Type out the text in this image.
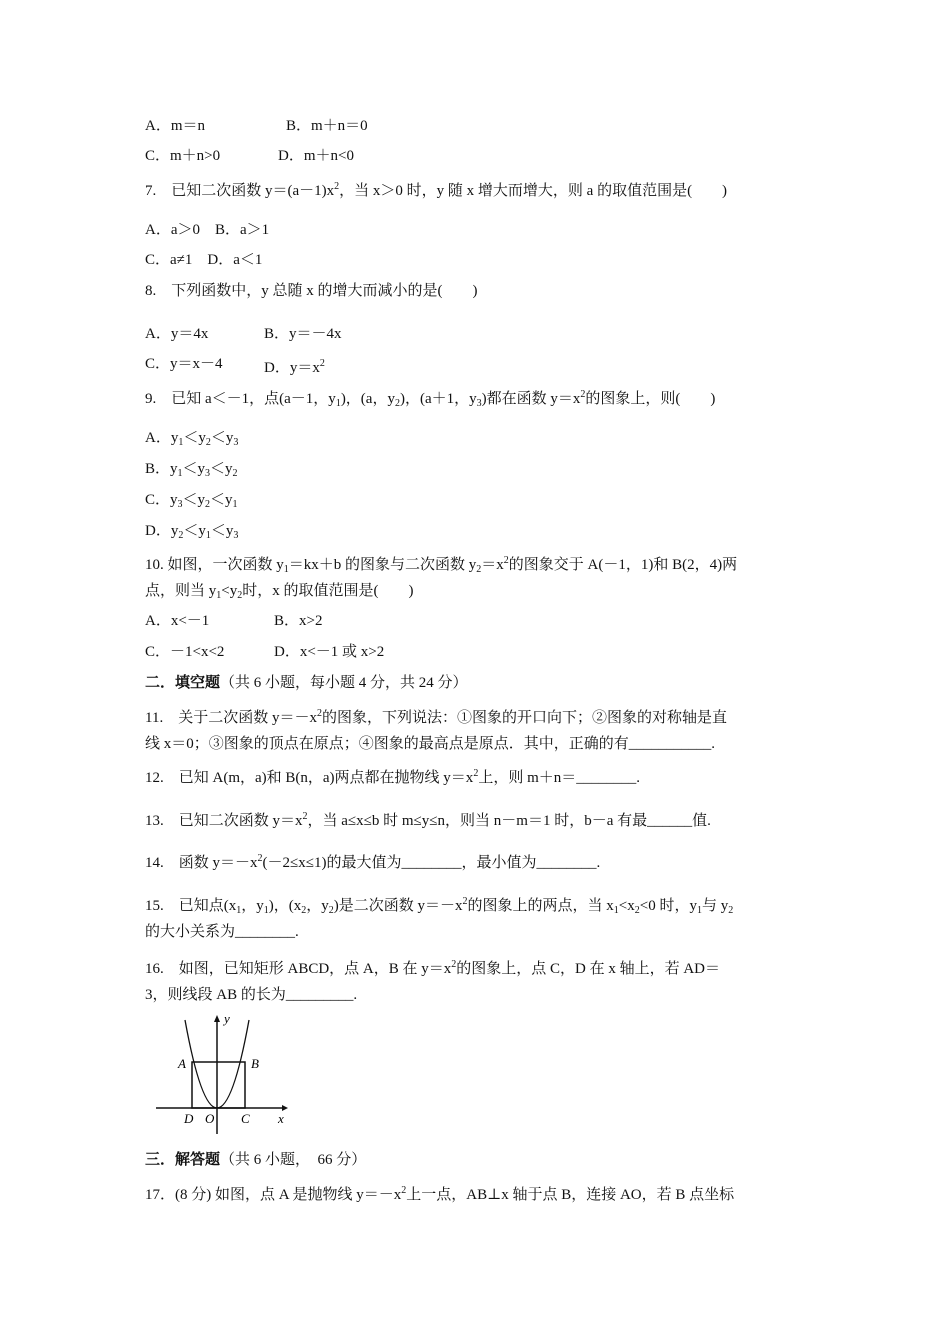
A．m＝n	B．m＋n＝0
C．m＋n>0	D．m＋n<0
7.　已知二次函数 $y=(a-1)x^2$，当 x＞0 时，y 随 x 增大而增大，则 a 的取值范围是(　　)
A．a＞0　B．a＞1
C．a≠1　D．a＜1
8.　下列函数中，y 总随 x 的增大而减小的是(　　)
A．y＝4x	B．y＝－4x
C．y＝x－4	D．$y=x^2$
9.　已知 a＜－1，点(a－1，$y_1$)，(a，$y_2$)，(a＋1，$y_3$)都在函数 $y=x^2$的图象上，则(　　)
A．$y_1<y_2<y_3$
B．$y_1<y_3<y_2$
C．$y_3<y_2<y_1$
D．$y_2<y_1<y_3$
10. 如图，一次函数 $y_1=kx+b$ 的图象与二次函数 $y_2=x^2$的图象交于 A(－1，1)和 B(2，4)两
点，则当 $y_1<y_2$时，x 的取值范围是(　　)
A．x<－1	B．x>2
C．－1<x<2	D．x<－1 或 x>2
二．填空题（共 6 小题，每小题 4 分，共 24 分）
11.　关于二次函数 $y=-x^2$的图象，下列说法：①图象的开口向下；②图象的对称轴是直
线 x＝0；③图象的顶点在原点；④图象的最高点是原点．其中，正确的有___________.
12.　已知 A(m，a)和 B(n，a)两点都在抛物线 $y=x^2$上，则 m＋n＝________.
13.　已知二次函数 $y=x^2$，当 a≤x≤b 时 m≤y≤n，则当 n－m＝1 时，b－a 有最______值.
14.　函数 $y=-x^2(-2\le x\le 1)$的最大值为________，最小值为________.
15.　已知点($x_1$，$y_1$)，($x_2$，$y_2$)是二次函数 $y=-x^2$的图象上的两点，当 $x_1<x_2<0$ 时，$y_1$与 $y_2$
的大小关系为________.
16.　如图，已知矩形 ABCD，点 A，B 在 $y=x^2$的图象上，点 C，D 在 x 轴上，若 AD＝
3，则线段 AB 的长为_________.
A	B
C
D O
y
x
三．解答题（共 6 小题，　66 分）
17．(8 分) 如图，点 A 是抛物线 $y=-x^2$上一点，AB⊥x 轴于点 B，连接 AO，若 B 点坐标
